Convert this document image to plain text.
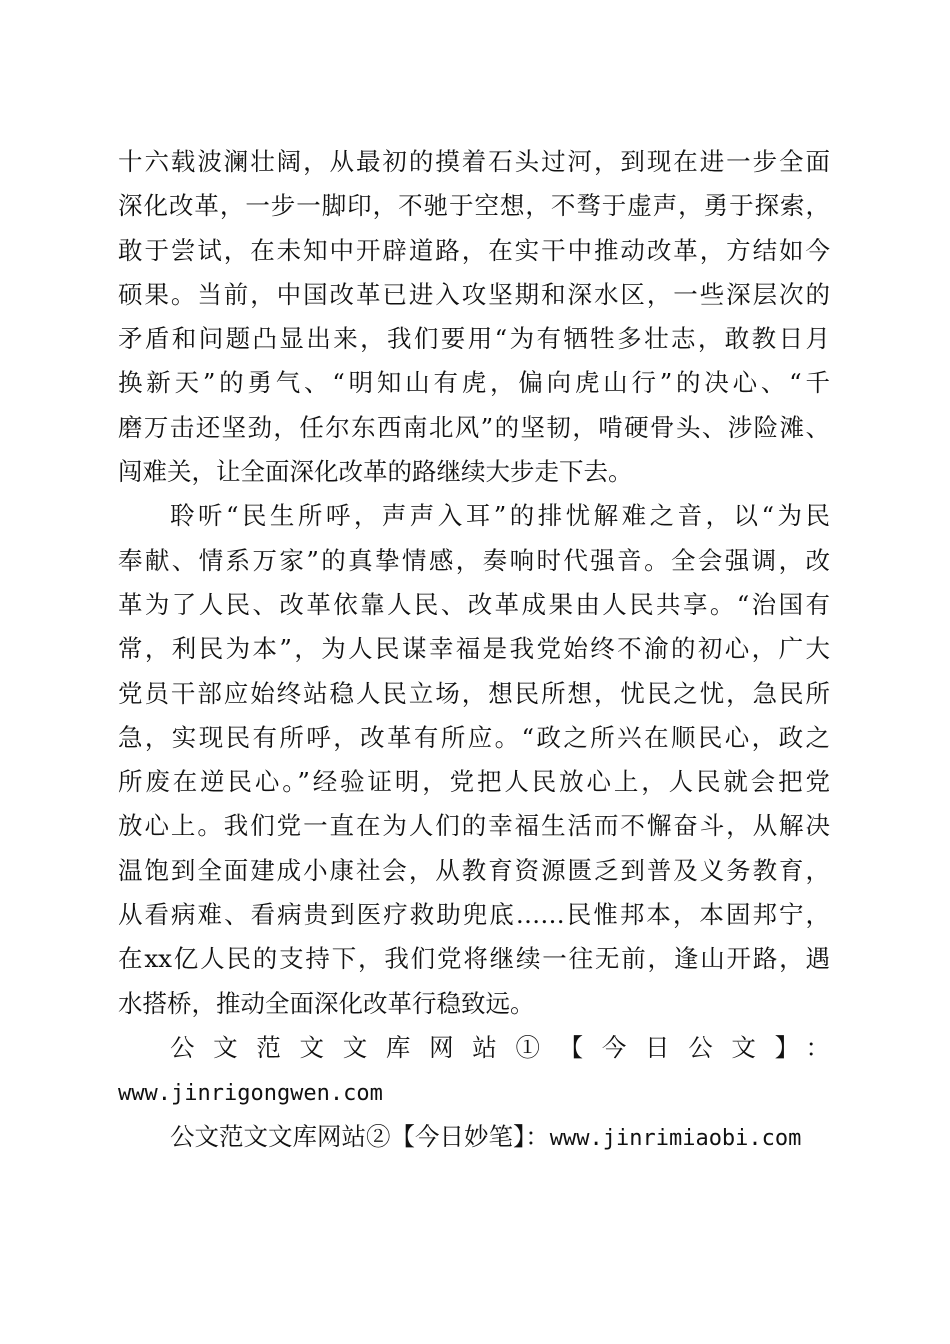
十六载波澜壮阔，从最初的摸着石头过河，到现在进一步全面
深化改革，一步一脚印，不驰于空想，不骛于虚声，勇于探索，
敢于尝试，在未知中开辟道路，在实干中推动改革，方结如今
硕果。当前，中国改革已进入攻坚期和深水区，一些深层次的
矛盾和问题凸显出来，我们要用“为有牺牲多壮志，敢教日月
换新天”的勇气、“明知山有虎，偏向虎山行”的决心、“千
磨万击还坚劲，任尔东西南北风”的坚韧，啃硬骨头、涉险滩、
闯难关，让全面深化改革的路继续大步走下去。
聆听“民生所呼，声声入耳”的排忧解难之音，以“为民
奉献、情系万家”的真挚情感，奏响时代强音。全会强调，改
革为了人民、改革依靠人民、改革成果由人民共享。“治国有
常，利民为本”，为人民谋幸福是我党始终不渝的初心，广大
党员干部应始终站稳人民立场，想民所想，忧民之忧，急民所
急，实现民有所呼，改革有所应。“政之所兴在顺民心，政之
所废在逆民心。”经验证明，党把人民放心上，人民就会把党
放心上。我们党一直在为人们的幸福生活而不懈奋斗，从解决
温饱到全面建成小康社会，从教育资源匮乏到普及义务教育，
从看病难、看病贵到医疗救助兜底……民惟邦本，本固邦宁，
在xx亿人民的支持下，我们党将继续一往无前，逢山开路，遇
水搭桥，推动全面深化改革行稳致远。
公文范文文库网站①【今日公文】：
www.jinrigongwen.com
公文范文文库网站②【今日妙笔】：www.jinrimiaobi.com
